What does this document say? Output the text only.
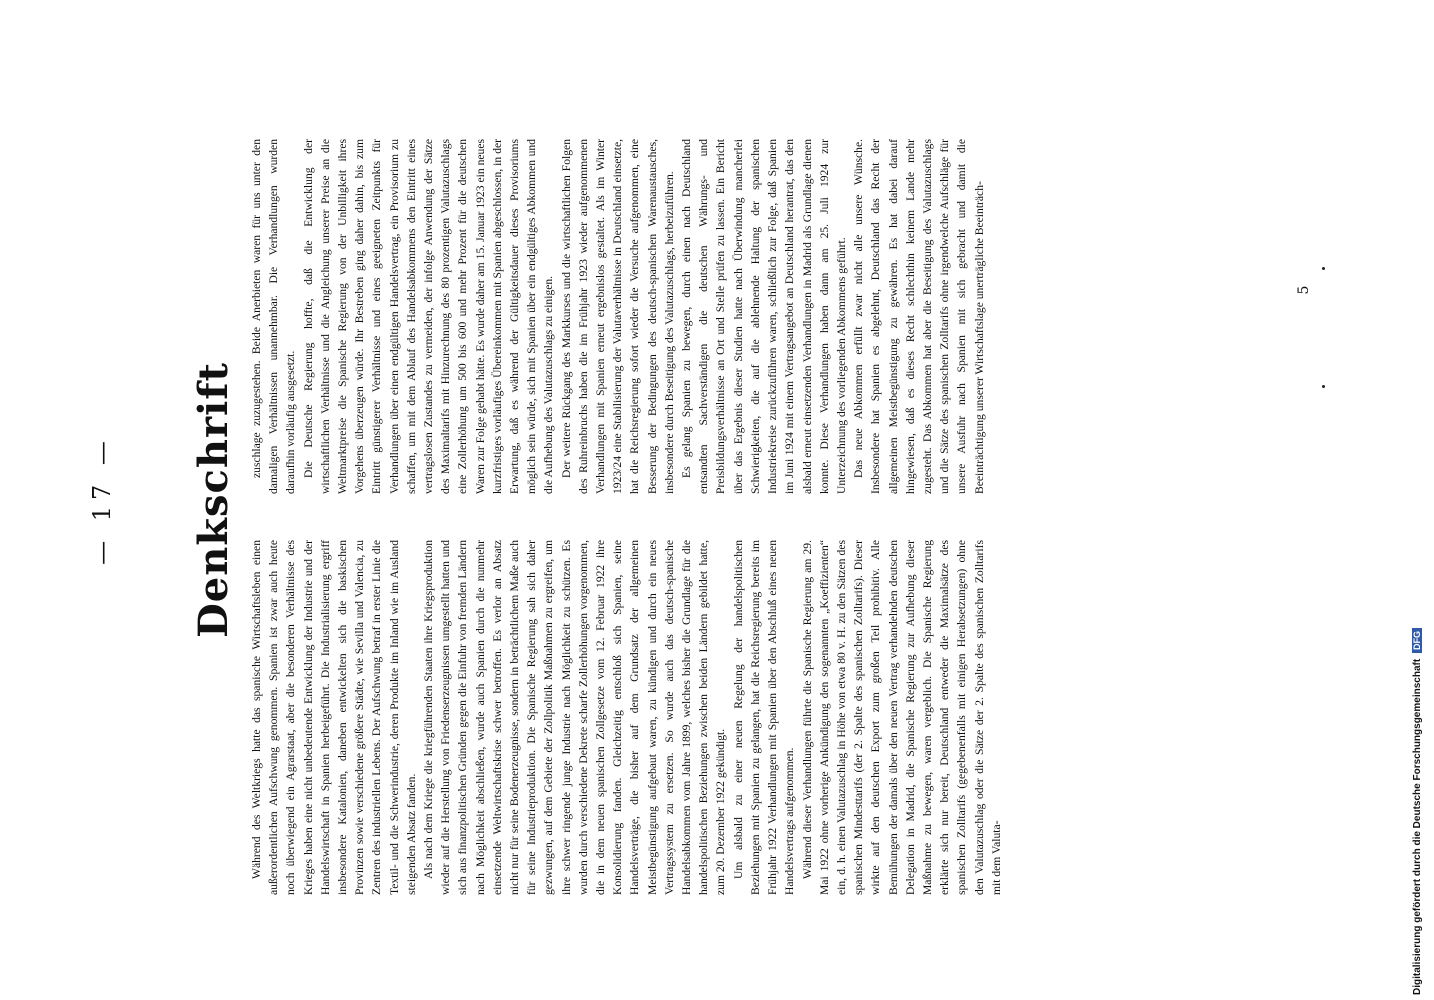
— 17 — Denkschrift

Während des Weltkriegs hatte das spanische Wirtschaftsleben einen außerordentlichen Aufschwung genommen. Spanien ist zwar auch heute noch überwiegend ein Agrarstaat, aber die besonderen Verhältnisse des Krieges haben eine nicht unbedeutende Entwicklung der Industrie und der Handelswirtschaft in Spanien herbeigeführt. Die Industrialisierung ergriff insbesondere Katalonien, daneben entwickelten sich die baskischen Provinzen sowie verschiedene größere Städte, wie Sevilla und Valencia, zu Zentren des industriellen Lebens. Der Aufschwung betraf in erster Linie die Textil- und die Schwerindustrie, deren Produkte im Inland wie im Ausland steigenden Absatz fanden. Als nach dem Kriege die kriegführenden Staaten ihre Kriegsproduktion wieder auf die Herstellung von Friedenserzeugnissen umgestellt hatten und sich aus finanzpolitischen Gründen gegen die Einfuhr von fremden Ländern nach Möglichkeit abschließen, wurde auch Spanien durch die nunmehr einsetzende Weltwirtschaftskrise schwer betroffen. Es verlor an Absatz nicht nur für seine Bodenerzeugnisse, sondern in beträchtlichem Maße auch für seine Industrieproduktion. Die Spanische Regierung sah sich daher gezwungen, auf dem Gebiete der Zollpolitik Maßnahmen zu ergreifen, um ihre schwer ringende junge Industrie nach Möglichkeit zu schützen. Es wurden durch verschiedene Dekrete scharfe Zollerhöhungen vorgenommen, die in dem neuen spanischen Zollgesetze vom 12. Februar 1922 ihre Konsolidierung fanden. Gleichzeitig entschloß sich Spanien, seine Handelsverträge, die bisher auf dem Grundsatz der allgemeinen Meistbegünstigung aufgebaut waren, zu kündigen und durch ein neues Vertragssystem zu ersetzen. So wurde auch das deutsch-spanische Handelsabkommen vom Jahre 1899, welches bisher die Grundlage für die handelspolitischen Beziehungen zwischen beiden Ländern gebildet hatte, zum 20. Dezember 1922 gekündigt. Um alsbald zu einer neuen Regelung der handelspolitischen Beziehungen mit Spanien zu gelangen, hat die Reichsregierung bereits im Frühjahr 1922 Verhandlungen mit Spanien über den Abschluß eines neuen Handelsvertrags aufgenommen. Während dieser Verhandlungen führte die Spanische Regierung am 29. Mai 1922 ohne vorherige Ankündigung den sogenannten „Koeffizienten“ ein, d. h. einen Valutazuschlag in Höhe von etwa 80 v. H. zu den Sätzen des spanischen Mindesttarifs (der 2. Spalte des spanischen Zolltarifs). Dieser wirkte auf den deutschen Export zum großen Teil prohibitiv. Alle Bemühungen der damals über den neuen Vertrag verhandelnden deutschen Delegation in Madrid, die Spanische Regierung zur Aufhebung dieser Maßnahme zu bewegen, waren vergeblich. Die Spanische Regierung erklärte sich nur bereit, Deutschland entweder die Maximalsätze des spanischen Zolltarifs (gegebenenfalls mit einigen Herabsetzungen) ohne den Valutazuschlag oder die Sätze der 2. Spalte des spanischen Zolltarifs mit dem Valuta-

zuschlage zuzugestehen. Beide Anerbieten waren für uns unter den damaligen Verhältnissen unannehmbar. Die Verhandlungen wurden daraufhin vorläufig ausgesetzt. Die Deutsche Regierung hoffte, daß die Entwicklung der wirtschaftlichen Verhältnisse und die Angleichung unserer Preise an die Weltmarktpreise die Spanische Regierung von der Unbilligkeit ihres Vorgehens überzeugen würde. Ihr Bestreben ging daher dahin, bis zum Eintritt günstigerer Verhältnisse und eines geeigneten Zeitpunkts für Verhandlungen über einen endgültigen Handelsvertrag, ein Provisorium zu schaffen, um mit dem Ablauf des Handelsabkommens den Eintritt eines vertragslosen Zustandes zu vermeiden, der infolge Anwendung der Sätze des Maximaltarifs mit Hinzurechnung des 80 prozentigen Valutazuschlags eine Zollerhöhung um 500 bis 600 und mehr Prozent für die deutschen Waren zur Folge gehabt hätte. Es wurde daher am 15. Januar 1923 ein neues kurzfristiges vorläufiges Übereinkommen mit Spanien abgeschlossen, in der Erwartung, daß es während der Gültigkeitsdauer dieses Provisoriums möglich sein würde, sich mit Spanien über ein endgültiges Abkommen und die Aufhebung des Valutazuschlags zu einigen. Der weitere Rückgang des Markkurses und die wirtschaftlichen Folgen des Ruhreinbruchs haben die im Frühjahr 1923 wieder aufgenommenen Verhandlungen mit Spanien erneut ergebnislos gestaltet. Als im Winter 1923/24 eine Stabilisierung der Valutaverhältnisse in Deutschland einsetzte, hat die Reichsregierung sofort wieder die Versuche aufgenommen, eine Besserung der Bedingungen des deutsch-spanischen Warenaustausches, insbesondere durch Beseitigung des Valutazuschlags, herbeizuführen. Es gelang Spanien zu bewegen, durch einen nach Deutschland entsandten Sachverständigen die deutschen Währungs- und Preisbildungsverhältnisse an Ort und Stelle prüfen zu lassen. Ein Bericht über das Ergebnis dieser Studien hatte nach Überwindung mancherlei Schwierigkeiten, die auf die ablehnende Haltung der spanischen Industriekreise zurückzuführen waren, schließlich zur Folge, daß Spanien im Juni 1924 mit einem Vertragsangebot an Deutschland herantrat, das den alsbald erneut einsetzenden Verhandlungen in Madrid als Grundlage dienen konnte. Diese Verhandlungen haben dann am 25. Juli 1924 zur Unterzeichnung des vorliegenden Abkommens geführt. Das neue Abkommen erfüllt zwar nicht alle unsere Wünsche. Insbesondere hat Spanien es abgelehnt, Deutschland das Recht der allgemeinen Meistbegünstigung zu gewähren. Es hat dabei darauf hingewiesen, daß es dieses Recht schlechthin keinem Lande mehr zugesteht. Das Abkommen hat aber die Beseitigung des Valutazuschlags und die Sätze des spanischen Zolltarifs ohne irgendwelche Aufschläge für unsere Ausfuhr nach Spanien mit sich gebracht und damit die Beeinträchtigung unserer Wirtschaftslage unerträgliche Beeinträch-	5
Digitalisierung gefördert durch die Deutsche Forschungsgemeinschaft DFG
